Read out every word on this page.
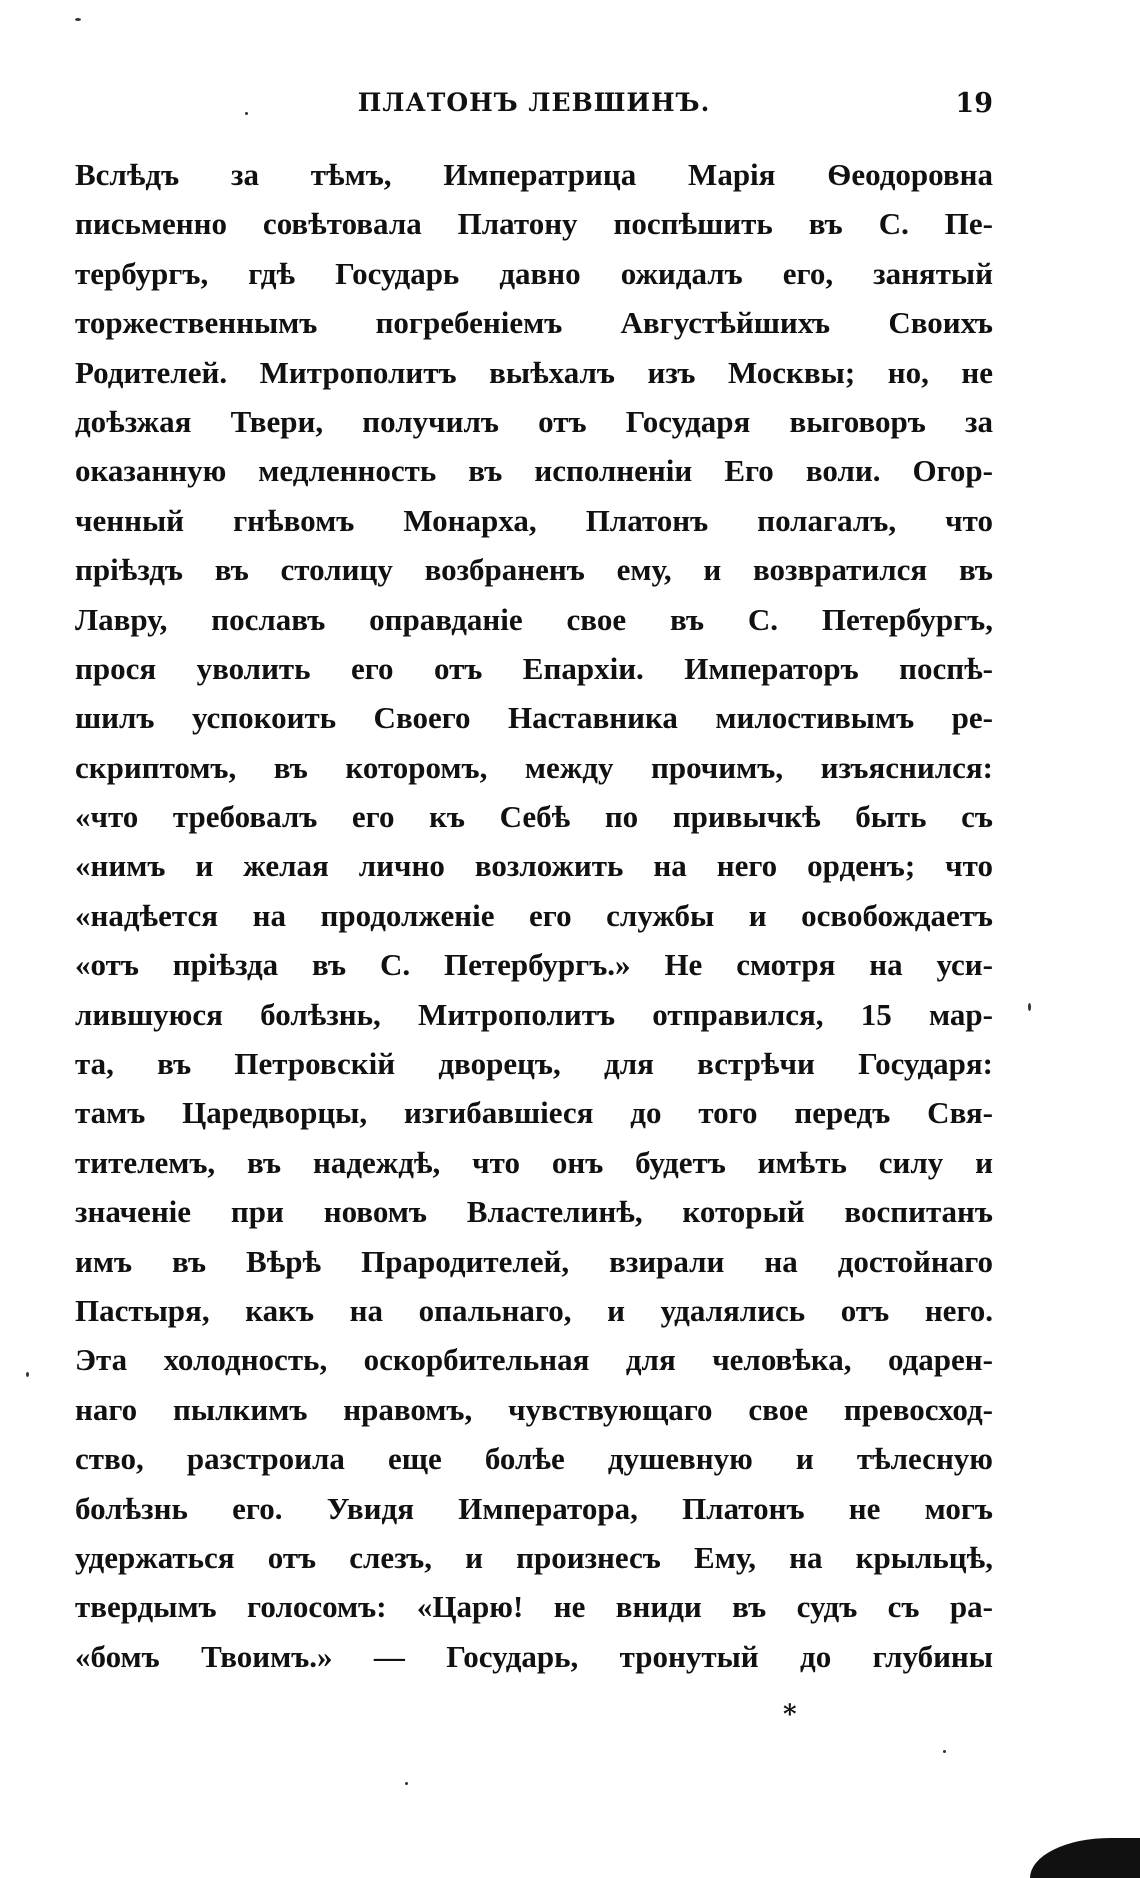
ПЛАТОНЪ ЛЕВШИНЪ.	19
Вслѣдъ за тѣмъ, Императрица Марія Ѳеодоровна
письменно совѣтовала Платону поспѣшить въ С. Пе-
тербургъ, гдѣ Государь давно ожидалъ его, занятый
торжественнымъ погребеніемъ Августѣйшихъ Своихъ
Родителей. Митрополитъ выѣхалъ изъ Москвы; но, не
доѣзжая Твери, получилъ отъ Государя выговоръ за
оказанную медленность въ исполненіи Его воли. Огор-
ченный гнѣвомъ Монарха, Платонъ полагалъ, что
пріѣздъ въ столицу возбраненъ ему, и возвратился въ
Лавру, пославъ оправданіе свое въ С. Петербургъ,
прося уволить его отъ Епархіи. Императоръ поспѣ-
шилъ успокоить Своего Наставника милостивымъ ре-
скриптомъ, въ которомъ, между прочимъ, изъяснился:
«что требовалъ его къ Себѣ по привычкѣ быть съ
«нимъ и желая лично возложить на него орденъ; что
«надѣется на продолженіе его службы и освобождаетъ
«отъ пріѣзда въ С. Петербургъ.» Не смотря на уси-
лившуюся болѣзнь, Митрополитъ отправился, 15 мар-
та, въ Петровскій дворецъ, для встрѣчи Государя:
тамъ Царедворцы, изгибавшіеся до того передъ Свя-
тителемъ, въ надеждѣ, что онъ будетъ имѣть силу и
значеніе при новомъ Властелинѣ, который воспитанъ
имъ въ Вѣрѣ Прародителей, взирали на достойнаго
Пастыря, какъ на опальнаго, и удалялись отъ него.
Эта холодность, оскорбительная для человѣка, одарен-
наго пылкимъ нравомъ, чувствующаго свое превосход-
ство, разстроила еще болѣе душевную и тѣлесную
болѣзнь его. Увидя Императора, Платонъ не могъ
удержаться отъ слезъ, и произнесъ Ему, на крыльцѣ,
твердымъ голосомъ: «Царю! не вниди въ судъ съ ра-
«бомъ Твоимъ.» — Государь, тронутый до глубины
*
